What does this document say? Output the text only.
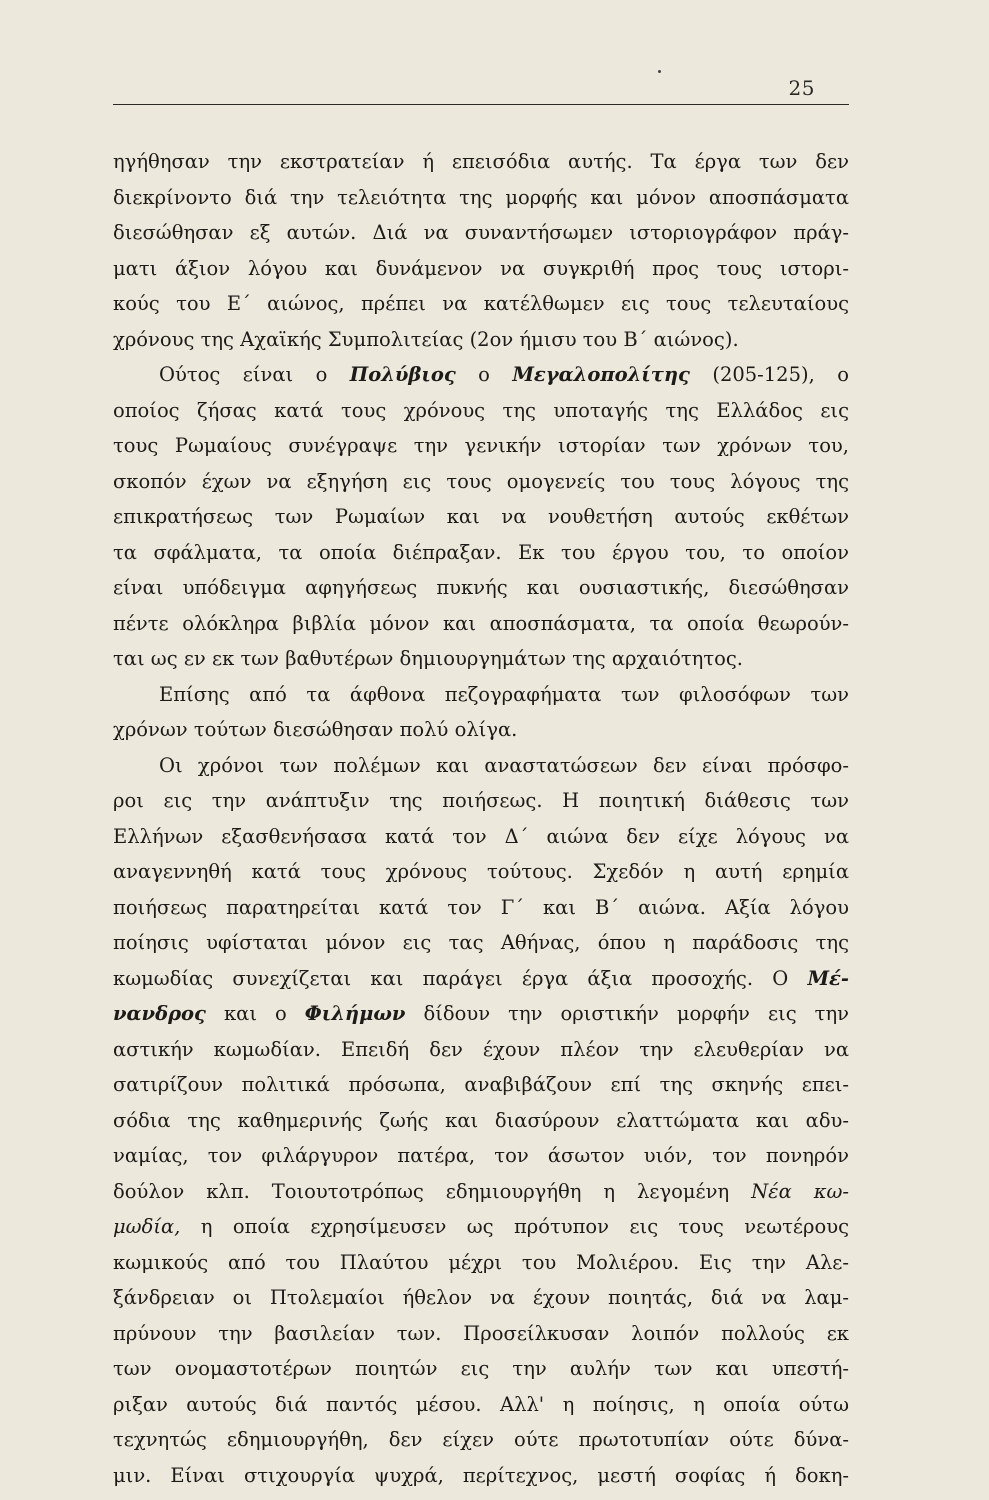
25
ηγήθησαν την εκστρατείαν ή επεισόδια αυτής. Τα έργα των δεν
διεκρίνοντο διά την τελειότητα της μορφής και μόνον αποσπάσματα
διεσώθησαν εξ αυτών. Διά να συναντήσωμεν ιστοριογράφον πράγ-
ματι άξιον λόγου και δυνάμενον να συγκριθή προς τους ιστορι-
κούς του Ε΄ αιώνος, πρέπει να κατέλθωμεν εις τους τελευταίους
χρόνους της Αχαϊκής Συμπολιτείας (2ον ήμισυ του Β΄ αιώνος).
Ούτος είναι ο Πολύβιος ο Μεγαλοπολίτης (205-125), ο
οποίος ζήσας κατά τους χρόνους της υποταγής της Ελλάδος εις
τους Ρωμαίους συνέγραψε την γενικήν ιστορίαν των χρόνων του,
σκοπόν έχων να εξηγήση εις τους ομογενείς του τους λόγους της
επικρατήσεως των Ρωμαίων και να νουθετήση αυτούς εκθέτων
τα σφάλματα, τα οποία διέπραξαν. Εκ του έργου του, το οποίον
είναι υπόδειγμα αφηγήσεως πυκνής και ουσιαστικής, διεσώθησαν
πέντε ολόκληρα βιβλία μόνον και αποσπάσματα, τα οποία θεωρούν-
ται ως εν εκ των βαθυτέρων δημιουργημάτων της αρχαιότητος.
Επίσης από τα άφθονα πεζογραφήματα των φιλοσόφων των
χρόνων τούτων διεσώθησαν πολύ ολίγα.
Οι χρόνοι των πολέμων και αναστατώσεων δεν είναι πρόσφο-
ροι εις την ανάπτυξιν της ποιήσεως. Η ποιητική διάθεσις των
Ελλήνων εξασθενήσασα κατά τον Δ΄ αιώνα δεν είχε λόγους να
αναγεννηθή κατά τους χρόνους τούτους. Σχεδόν η αυτή ερημία
ποιήσεως παρατηρείται κατά τον Γ΄ και Β΄ αιώνα. Αξία λόγου
ποίησις υφίσταται μόνον εις τας Αθήνας, όπου η παράδοσις της
κωμωδίας συνεχίζεται και παράγει έργα άξια προσοχής. Ο Μέ-
νανδρος και ο Φιλήμων δίδουν την οριστικήν μορφήν εις την
αστικήν κωμωδίαν. Επειδή δεν έχουν πλέον την ελευθερίαν να
σατιρίζουν πολιτικά πρόσωπα, αναβιβάζουν επί της σκηνής επει-
σόδια της καθημερινής ζωής και διασύρουν ελαττώματα και αδυ-
ναμίας, τον φιλάργυρον πατέρα, τον άσωτον υιόν, τον πονηρόν
δούλον κλπ. Τοιουτοτρόπως εδημιουργήθη η λεγομένη Νέα κω-
μωδία, η οποία εχρησίμευσεν ως πρότυπον εις τους νεωτέρους
κωμικούς από του Πλαύτου μέχρι του Μολιέρου. Εις την Αλε-
ξάνδρειαν οι Πτολεμαίοι ήθελον να έχουν ποιητάς, διά να λαμ-
πρύνουν την βασιλείαν των. Προσείλκυσαν λοιπόν πολλούς εκ
των ονομαστοτέρων ποιητών εις την αυλήν των και υπεστή-
ριξαν αυτούς διά παντός μέσου. Αλλ' η ποίησις, η οποία ούτω
τεχνητώς εδημιουργήθη, δεν είχεν ούτε πρωτοτυπίαν ούτε δύνα-
μιν. Είναι στιχουργία ψυχρά, περίτεχνος, μεστή σοφίας ή δοκη-
